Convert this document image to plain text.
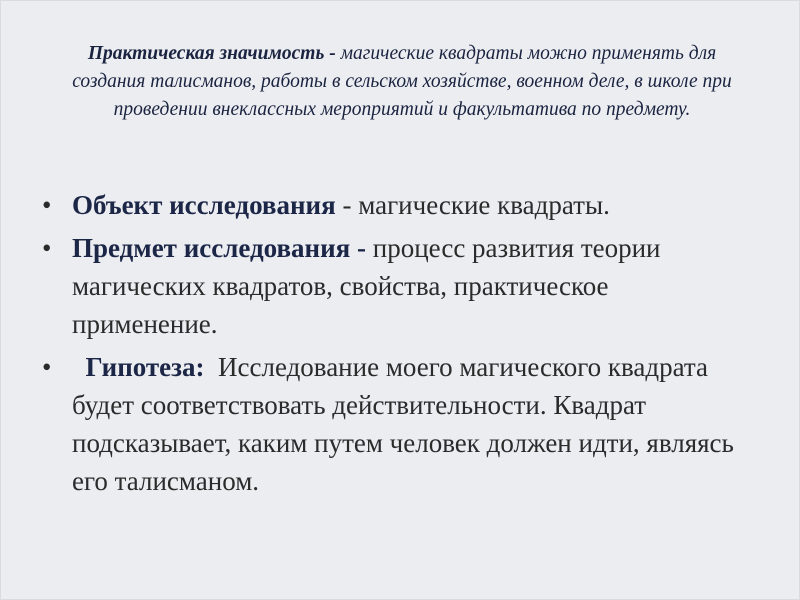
Практическая значимость - магические квадраты можно применять для создания талисманов, работы в сельском хозяйстве, военном деле, в школе при проведении внеклассных мероприятий и факультатива по предмету.

• Объект исследования - магические квадраты.
• Предмет исследования - процесс развития теории магических квадратов, свойства, практическое применение.
• Гипотеза:  Исследование моего магического квадрата будет соответствовать действительности. Квадрат подсказывает, каким путем человек должен идти, являясь его талисманом.
